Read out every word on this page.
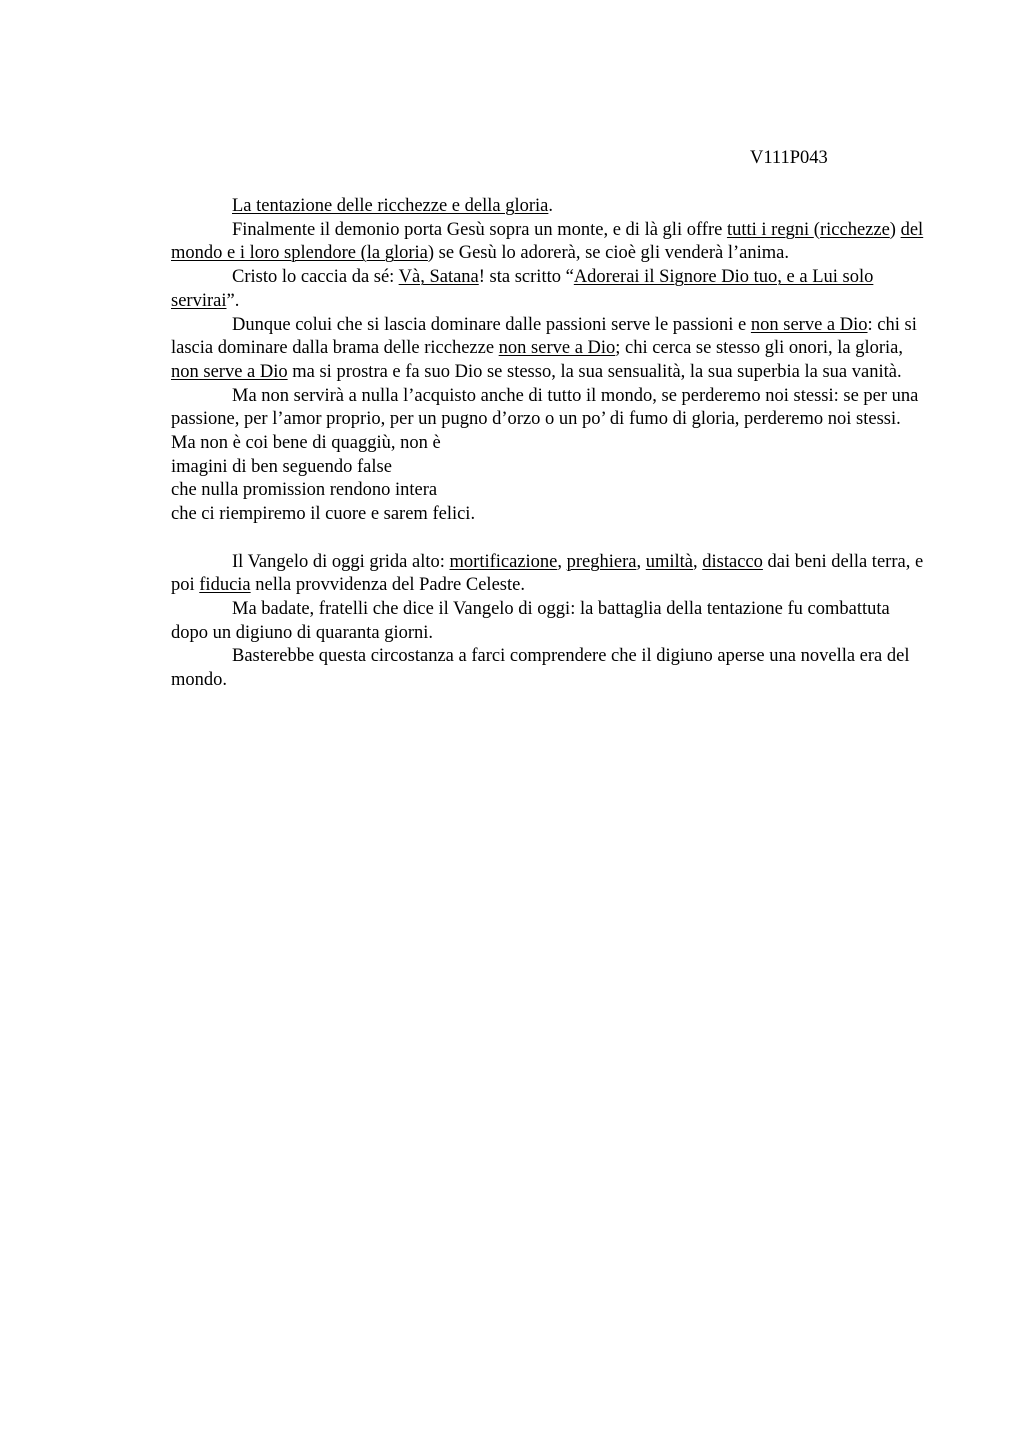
V111P043

La tentazione delle ricchezze e della gloria.

Finalmente il demonio porta Gesù sopra un monte, e di là gli offre tutti i regni (ricchezze) del mondo e i loro splendore (la gloria) se Gesù lo adorerà, se cioè gli venderà l’anima.

Cristo lo caccia da sé: Và, Satana! sta scritto “Adorerai il Signore Dio tuo, e a Lui solo servirai”.

Dunque colui che si lascia dominare dalle passioni serve le passioni e non serve a Dio: chi si lascia dominare dalla brama delle ricchezze non serve a Dio; chi cerca se stesso gli onori, la gloria, non serve a Dio ma si prostra e fa suo Dio se stesso, la sua sensualità, la sua superbia la sua vanità.

Ma non servirà a nulla l’acquisto anche di tutto il mondo, se perderemo noi stessi: se per una passione, per l’amor proprio, per un pugno d’orzo o un po’ di fumo di gloria, perderemo noi stessi.

Ma non è coi bene di quaggiù, non è

imagini di ben seguendo false

che nulla promission rendono intera

che ci riempiremo il cuore e sarem felici.

Il Vangelo di oggi grida alto: mortificazione, preghiera, umiltà, distacco dai beni della terra, e poi fiducia nella provvidenza del Padre Celeste.

Ma badate, fratelli che dice il Vangelo di oggi: la battaglia della tentazione fu combattuta dopo un digiuno di quaranta giorni.

Basterebbe questa circostanza a farci comprendere che il digiuno aperse una novella era del mondo.
